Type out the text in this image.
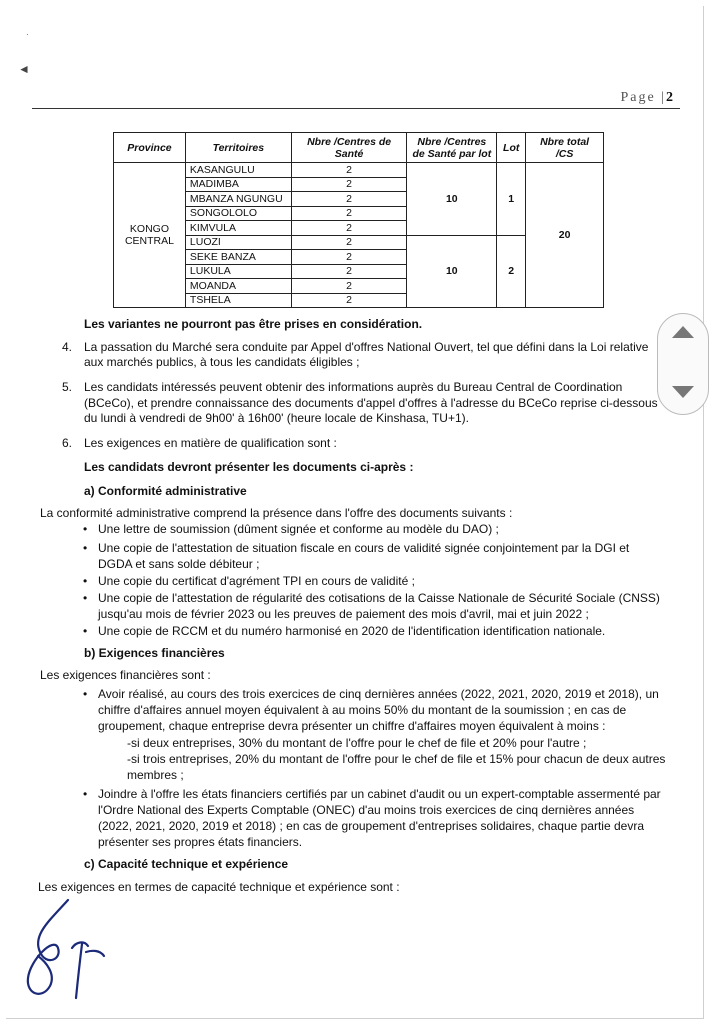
·
◄
Page |2
Province	Territoires	Nbre /Centres de Santé	Nbre /Centres de Santé par lot	Lot	Nbre total /CS
KONGO CENTRAL	KASANGULU	2	10	1	20
	MADIMBA	2			
	MBANZA NGUNGU	2			
	SONGOLOLO	2			
	KIMVULA	2			
	LUOZI	2	10	2	
	SEKE BANZA	2			
	LUKULA	2			
	MOANDA	2			
	TSHELA	2			
Les variantes ne pourront pas être prises en considération.
4. La passation du Marché sera conduite par Appel d'offres National Ouvert, tel que défini dans la Loi relative
aux marchés publics, à tous les candidats éligibles ;
5. Les candidats intéressés peuvent obtenir des informations auprès du Bureau Central de Coordination
(BCeCo), et prendre connaissance des documents d'appel d'offres à l'adresse du BCeCo reprise ci-dessous
du lundi à vendredi de 9h00' à 16h00' (heure locale de Kinshasa, TU+1).
6. Les exigences en matière de qualification sont :
Les candidats devront présenter les documents ci-après :
a) Conformité administrative
La conformité administrative comprend la présence dans l'offre des documents suivants :
• Une lettre de soumission (dûment signée et conforme au modèle du DAO) ;
• Une copie de l'attestation de situation fiscale en cours de validité signée conjointement par la DGI et
DGDA et sans solde débiteur ;
• Une copie du certificat d'agrément TPI en cours de validité ;
• Une copie de l'attestation de régularité des cotisations de la Caisse Nationale de Sécurité Sociale (CNSS)
jusqu'au mois de février 2023 ou les preuves de paiement des mois d'avril, mai et juin 2022 ;
• Une copie de RCCM et du numéro harmonisé en 2020 de l'identification identification nationale.
b) Exigences financières
Les exigences financières sont :
• Avoir réalisé, au cours des trois exercices de cinq dernières années (2022, 2021, 2020, 2019 et 2018), un
chiffre d'affaires annuel moyen équivalent à au moins 50% du montant de la soumission ; en cas de
groupement, chaque entreprise devra présenter un chiffre d'affaires moyen équivalent à moins :
-si deux entreprises, 30% du montant de l'offre pour le chef de file et 20% pour l'autre ;
-si trois entreprises, 20% du montant de l'offre pour le chef de file et 15% pour chacun de deux autres
membres ;
• Joindre à l'offre les états financiers certifiés par un cabinet d'audit ou un expert-comptable assermenté par
l'Ordre National des Experts Comptable (ONEC) d'au moins trois exercices de cinq dernières années
(2022, 2021, 2020, 2019 et 2018) ; en cas de groupement d'entreprises solidaires, chaque partie devra
présenter ses propres états financiers.
c) Capacité technique et expérience
Les exigences en termes de capacité technique et expérience sont :
